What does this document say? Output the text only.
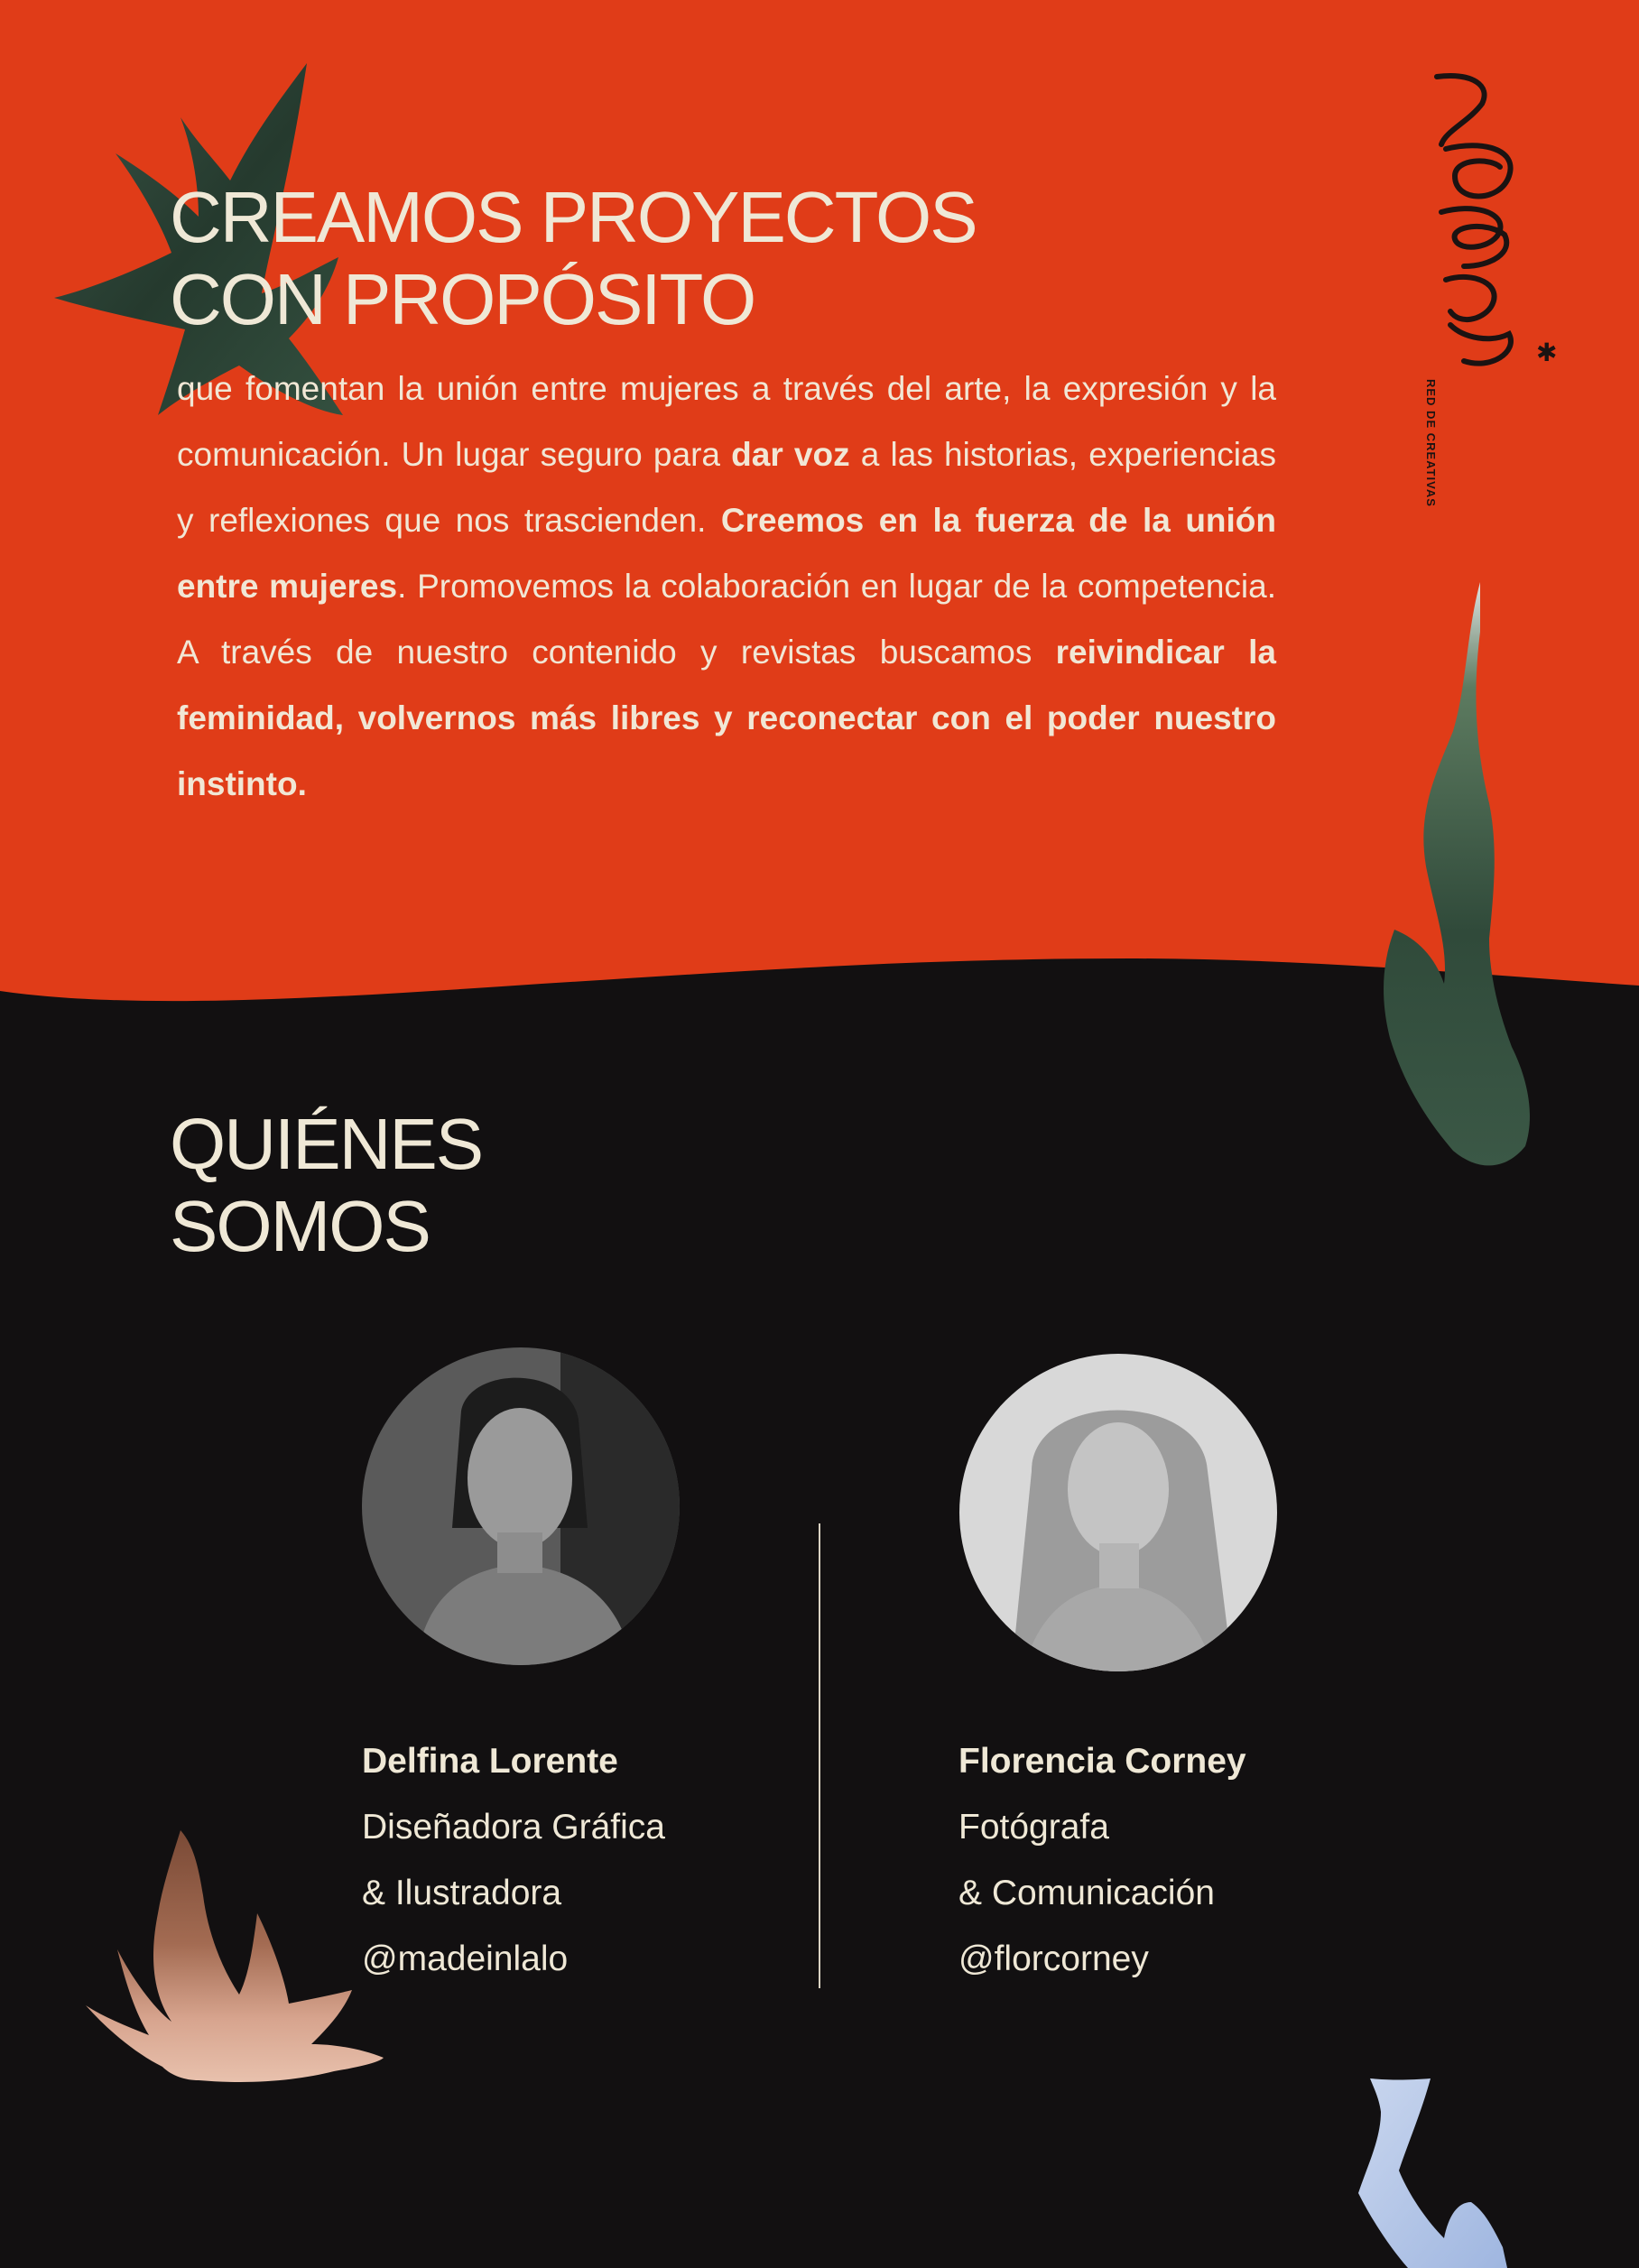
✱
RED DE CREATIVAS
CREAMOS PROYECTOS
CON PROPÓSITO

que fomentan la unión entre mujeres a través del arte, la expresión y la comunicación. Un lugar seguro para dar voz a las historias, experiencias y reflexiones que nos trascienden. Creemos en la fuerza de la unión entre mujeres. Promovemos la colaboración en lugar de la competencia. A través de nuestro contenido y revistas buscamos reivindicar la feminidad, volvernos más libres y reconectar con el poder nuestro instinto.

QUIÉNES
SOMOS
Delfina Lorente
Diseñadora Gráfica
& Ilustradora
@madeinlalo
Florencia Corney
Fotógrafa
& Comunicación
@florcorney
